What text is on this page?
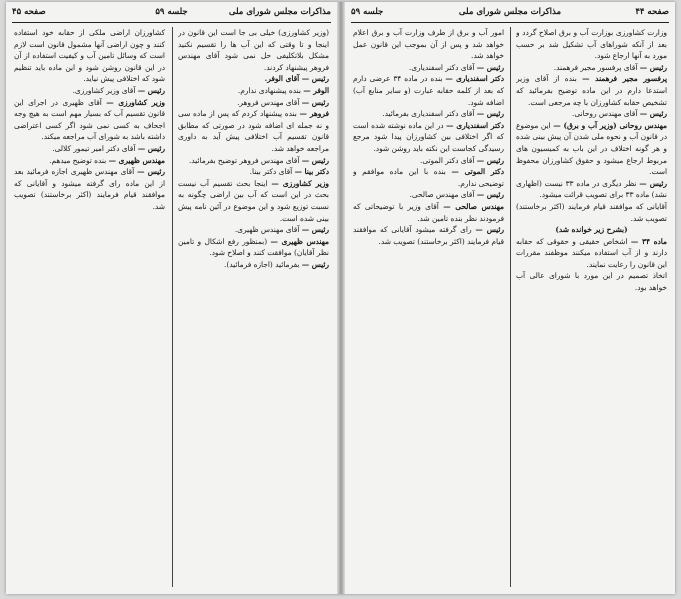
مذاکرات مجلس شورای ملی
جلسه ۵۹
صفحه ۴۵

(وزیر کشاورزی) خیلی بی جا است این قانون در اینجا و تا وقتی که این آب ها را تقسیم نکنید مشکل بلاتکلیفی حل نمی شود آقای مهندس فروهر پیشنهاد کردند.

رئیس — آقای الوفر.

الوفر — بنده پیشنهادی ندارم.

رئیس — آقای مهندس فروهر.

فروهر — بنده پیشنهاد کردم که پس از ماده سی و نه جمله ای اضافه شود در صورتی که مطابق قانون تقسیم آب اختلافی پیش آید به داوری مراجعه خواهد شد.

رئیس — آقای مهندس فروهر توضیح بفرمائید.

دکتر بینا — آقای دکتر بینا.

وزیر کشاورزی — اینجا بحث تقسیم آب نیست بحث در این است که آب بین اراضی چگونه به نسبت توزیع شود و این موضوع در آئین نامه پیش بینی شده است.

رئیس — آقای مهندس ظهیری.

مهندس ظهیری — (بمنظور رفع اشکال و تامین نظر آقایان) موافقت کنند و اصلاح شود.

رئیس — بفرمائید (اجازه فرمائید).

کشاورزان اراضی ملکی از حقابه خود استفاده کنند و چون اراضی آنها مشمول قانون است لازم است که وسائل تامین آب و کیفیت استفاده از آن در این قانون روشن شود و این ماده باید تنظیم شود که اختلافی پیش نیاید.

رئیس — آقای وزیر کشاورزی.

وزیر کشاورزی — آقای ظهیری در اجرای این قانون تقسیم آب که بسیار مهم است به هیچ وجه اجحاف به کسی نمی شود اگر کسی اعتراضی داشته باشد به شورای آب مراجعه میکند.

رئیس — آقای دکتر امیر تیمور کلالی.

مهندس ظهیری — بنده توضیح میدهم.

رئیس — آقای مهندس ظهیری اجازه فرمائید بعد از این ماده رای گرفته میشود و آقایانی که موافقند قیام فرمایند (اکثر برخاستند) تصویب شد.

صفحه ۴۴
مذاکرات مجلس شورای ملی
جلسه ۵۹

وزارت کشاورزی بوزارت آب و برق اصلاح گردد و بعد از آنکه شوراهای آب تشکیل شد بر حسب مورد به آنها ارجاع شود.

رئیس — آقای پرفسور مجیر فرهمند.

پرفسور مجیر فرهمند — بنده از آقای وزیر استدعا دارم در این ماده توضیح بفرمائید که تشخیص حقابه کشاورزان با چه مرجعی است.

رئیس — آقای مهندس روحانی.

مهندس روحانی (وزیر آب و برق) — این موضوع در قانون آب و نحوه ملی شدن آن پیش بینی شده و هر گونه اختلاف در این باب به کمیسیون های مربوط ارجاع میشود و حقوق کشاورزان محفوظ است.

رئیس — نظر دیگری در ماده ۳۳ نیست (اظهاری نشد) ماده ۳۳ برای تصویب قرائت میشود.

آقایانی که موافقند قیام فرمایند (اکثر برخاستند) تصویب شد.

(بشرح زیر خوانده شد)

ماده ۳۴ — اشخاص حقیقی و حقوقی که حقابه دارند و از آب استفاده میکنند موظفند مقررات این قانون را رعایت نمایند.

اتخاذ تصمیم در این مورد با شورای عالی آب خواهد بود.

امور آب و برق از طرف وزارت آب و برق اعلام خواهد شد و پس از آن بموجب این قانون عمل خواهد شد.

رئیس — آقای دکتر اسفندیاری.

دکتر اسفندیاری — بنده در ماده ۳۴ عرضی دارم که بعد از کلمه حقابه عبارت (و سایر منابع آب) اضافه شود.

رئیس — آقای دکتر اسفندیاری بفرمائید.

دکتر اسفندیاری — در این ماده نوشته شده است که اگر اختلافی بین کشاورزان پیدا شود مرجع رسیدگی کجاست این نکته باید روشن شود.

رئیس — آقای دکتر الموتی.

دکتر الموتی — بنده با این ماده موافقم و توضیحی ندارم.

رئیس — آقای مهندس صالحی.

مهندس صالحی — آقای وزیر با توضیحاتی که فرمودند نظر بنده تامین شد.

رئیس — رای گرفته میشود آقایانی که موافقند قیام فرمایند (اکثر برخاستند) تصویب شد.
